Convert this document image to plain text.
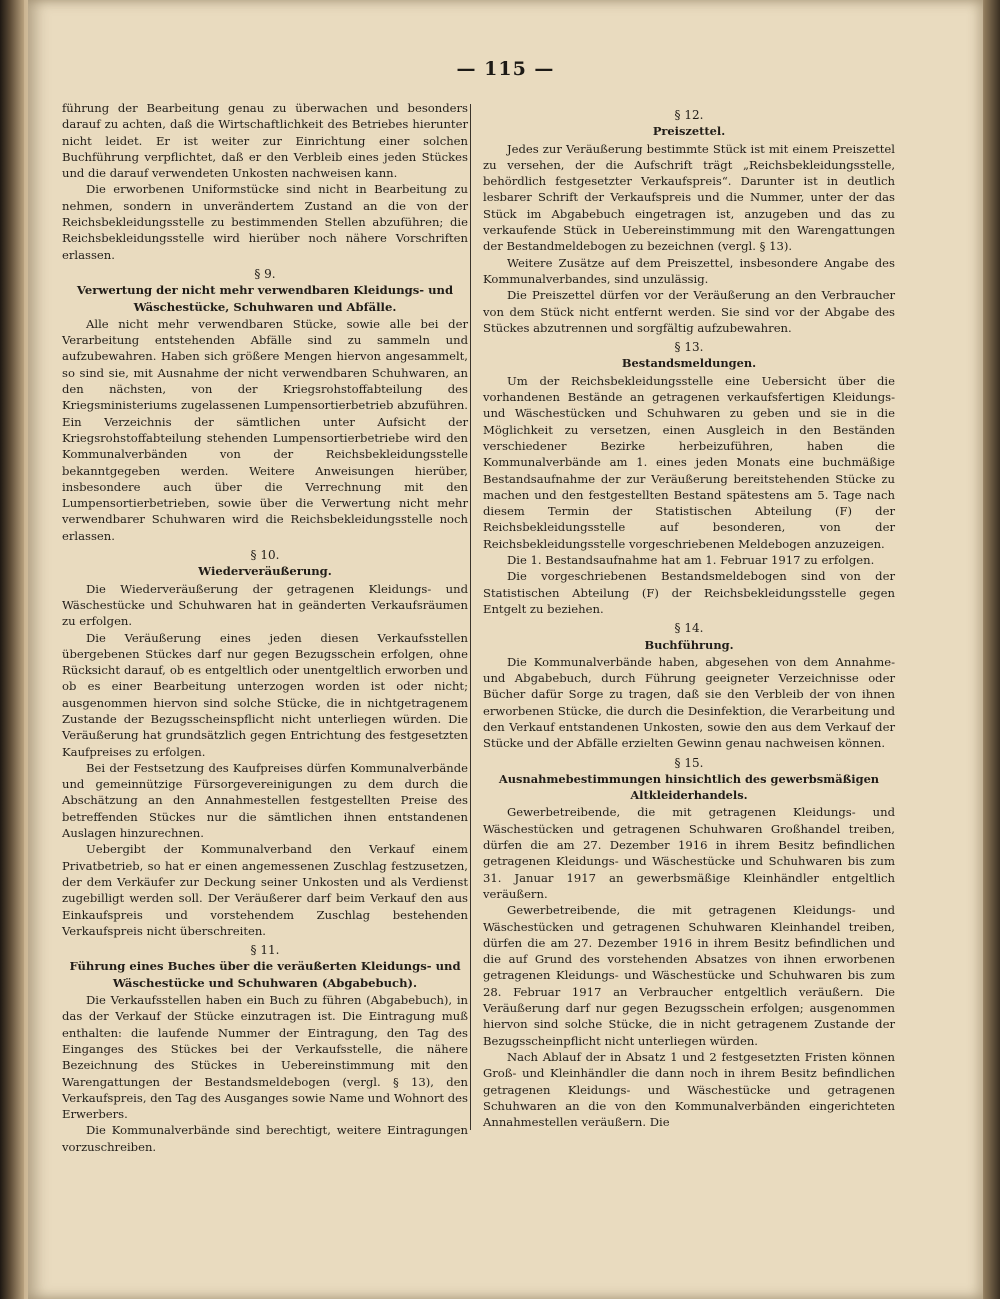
— 115 —

führung der Bearbeitung genau zu überwachen und besonders darauf zu achten, daß die Wirtschaftlichkeit des Betriebes hierunter nicht leidet. Er ist weiter zur Einrichtung einer solchen Buchführung verpflichtet, daß er den Verbleib eines jeden Stückes und die darauf verwendeten Unkosten nachweisen kann.

Die erworbenen Uniformstücke sind nicht in Bearbeitung zu nehmen, sondern in unverändertem Zustand an die von der Reichsbekleidungsstelle zu bestimmenden Stellen abzuführen; die Reichsbekleidungsstelle wird hierüber noch nähere Vorschriften erlassen.

§ 9.
Verwertung der nicht mehr verwendbaren Kleidungs- und Wäschestücke, Schuhwaren und Abfälle.

Alle nicht mehr verwendbaren Stücke, sowie alle bei der Verarbeitung entstehenden Abfälle sind zu sammeln und aufzubewahren. Haben sich größere Mengen hiervon angesammelt, so sind sie, mit Ausnahme der nicht verwendbaren Schuhwaren, an den nächsten, von der Kriegsrohstoffabteilung des Kriegsministeriums zugelassenen Lumpensortierbetrieb abzuführen. Ein Verzeichnis der sämtlichen unter Aufsicht der Kriegsrohstoffabteilung stehenden Lumpensortierbetriebe wird den Kommunalverbänden von der Reichsbekleidungsstelle bekanntgegeben werden. Weitere Anweisungen hierüber, insbesondere auch über die Verrechnung mit den Lumpensortierbetrieben, sowie über die Verwertung nicht mehr verwendbarer Schuhwaren wird die Reichsbekleidungsstelle noch erlassen.

§ 10.
Wiederveräußerung.

Die Wiederveräußerung der getragenen Kleidungs- und Wäschestücke und Schuhwaren hat in geänderten Verkaufsräumen zu erfolgen.

Die Veräußerung eines jeden diesen Verkaufsstellen übergebenen Stückes darf nur gegen Bezugsschein erfolgen, ohne Rücksicht darauf, ob es entgeltlich oder unentgeltlich erworben und ob es einer Bearbeitung unterzogen worden ist oder nicht; ausgenommen hiervon sind solche Stücke, die in nichtgetragenem Zustande der Bezugsscheinspflicht nicht unterliegen würden. Die Veräußerung hat grundsätzlich gegen Entrichtung des festgesetzten Kaufpreises zu erfolgen.

Bei der Festsetzung des Kaufpreises dürfen Kommunalverbände und gemeinnützige Fürsorgevereinigungen zu dem durch die Abschätzung an den Annahmestellen festgestellten Preise des betreffenden Stückes nur die sämtlichen ihnen entstandenen Auslagen hinzurechnen.

Uebergibt der Kommunalverband den Verkauf einem Privatbetrieb, so hat er einen angemessenen Zuschlag festzusetzen, der dem Verkäufer zur Deckung seiner Unkosten und als Verdienst zugebilligt werden soll. Der Veräußerer darf beim Verkauf den aus Einkaufspreis und vorstehendem Zuschlag bestehenden Verkaufspreis nicht überschreiten.

§ 11.
Führung eines Buches über die veräußerten Kleidungs- und Wäschestücke und Schuhwaren (Abgabebuch).

Die Verkaufsstellen haben ein Buch zu führen (Abgabebuch), in das der Verkauf der Stücke einzutragen ist. Die Eintragung muß enthalten: die laufende Nummer der Eintragung, den Tag des Einganges des Stückes bei der Verkaufsstelle, die nähere Bezeichnung des Stückes in Uebereinstimmung mit den Warengattungen der Bestandsmeldebogen (vergl. § 13), den Verkaufspreis, den Tag des Ausganges sowie Name und Wohnort des Erwerbers.

Die Kommunalverbände sind berechtigt, weitere Eintragungen vorzuschreiben.

§ 12.
Preiszettel.

Jedes zur Veräußerung bestimmte Stück ist mit einem Preiszettel zu versehen, der die Aufschrift trägt „Reichsbekleidungsstelle, behördlich festgesetzter Verkaufspreis“. Darunter ist in deutlich lesbarer Schrift der Verkaufspreis und die Nummer, unter der das Stück im Abgabebuch eingetragen ist, anzugeben und das zu verkaufende Stück in Uebereinstimmung mit den Warengattungen der Bestandmeldebogen zu bezeichnen (vergl. § 13).

Weitere Zusätze auf dem Preiszettel, insbesondere Angabe des Kommunalverbandes, sind unzulässig.

Die Preiszettel dürfen vor der Veräußerung an den Verbraucher von dem Stück nicht entfernt werden. Sie sind vor der Abgabe des Stückes abzutrennen und sorgfältig aufzubewahren.

§ 13.
Bestandsmeldungen.

Um der Reichsbekleidungsstelle eine Uebersicht über die vorhandenen Bestände an getragenen verkaufsfertigen Kleidungs- und Wäschestücken und Schuhwaren zu geben und sie in die Möglichkeit zu versetzen, einen Ausgleich in den Beständen verschiedener Bezirke herbeizuführen, haben die Kommunalverbände am 1. eines jeden Monats eine buchmäßige Bestandsaufnahme der zur Veräußerung bereitstehenden Stücke zu machen und den festgestellten Bestand spätestens am 5. Tage nach diesem Termin der Statistischen Abteilung (F) der Reichsbekleidungsstelle auf besonderen, von der Reichsbekleidungsstelle vorgeschriebenen Meldebogen anzuzeigen.

Die 1. Bestandsaufnahme hat am 1. Februar 1917 zu erfolgen.

Die vorgeschriebenen Bestandsmeldebogen sind von der Statistischen Abteilung (F) der Reichsbekleidungsstelle gegen Entgelt zu beziehen.

§ 14.
Buchführung.

Die Kommunalverbände haben, abgesehen von dem Annahme- und Abgabebuch, durch Führung geeigneter Verzeichnisse oder Bücher dafür Sorge zu tragen, daß sie den Verbleib der von ihnen erworbenen Stücke, die durch die Desinfektion, die Verarbeitung und den Verkauf entstandenen Unkosten, sowie den aus dem Verkauf der Stücke und der Abfälle erzielten Gewinn genau nachweisen können.

§ 15.
Ausnahmebestimmungen hinsichtlich des gewerbsmäßigen Altkleiderhandels.

Gewerbetreibende, die mit getragenen Kleidungs- und Wäschestücken und getragenen Schuhwaren Großhandel treiben, dürfen die am 27. Dezember 1916 in ihrem Besitz befindlichen getragenen Kleidungs- und Wäschestücke und Schuhwaren bis zum 31. Januar 1917 an gewerbsmäßige Kleinhändler entgeltlich veräußern.

Gewerbetreibende, die mit getragenen Kleidungs- und Wäschestücken und getragenen Schuhwaren Kleinhandel treiben, dürfen die am 27. Dezember 1916 in ihrem Besitz befindlichen und die auf Grund des vorstehenden Absatzes von ihnen erworbenen getragenen Kleidungs- und Wäschestücke und Schuhwaren bis zum 28. Februar 1917 an Verbraucher entgeltlich veräußern. Die Veräußerung darf nur gegen Bezugsschein erfolgen; ausgenommen hiervon sind solche Stücke, die in nicht getragenem Zustande der Bezugsscheinpflicht nicht unterliegen würden.

Nach Ablauf der in Absatz 1 und 2 festgesetzten Fristen können Groß- und Kleinhändler die dann noch in ihrem Besitz befindlichen getragenen Kleidungs- und Wäschestücke und getragenen Schuhwaren an die von den Kommunalverbänden eingerichteten Annahmestellen veräußern. Die
